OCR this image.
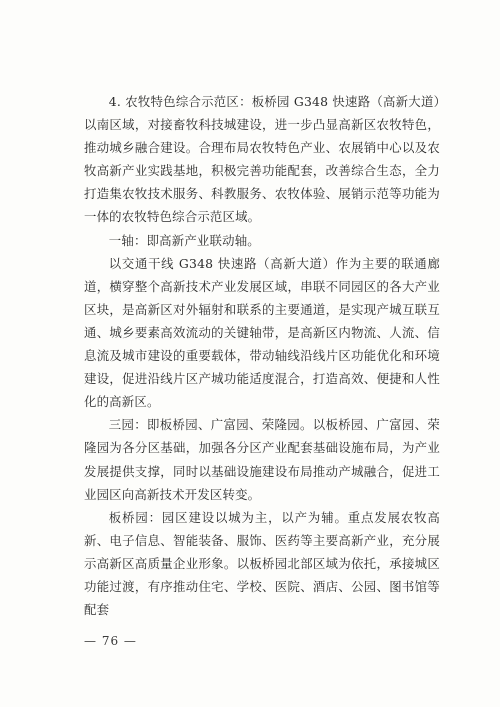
4. 农牧特色综合示范区：板桥园 G348 快速路（高新大道）以南区域，对接畜牧科技城建设，进一步凸显高新区农牧特色，推动城乡融合建设。合理布局农牧特色产业、农展销中心以及农牧高新产业实践基地，积极完善功能配套，改善综合生态，全力打造集农牧技术服务、科教服务、农牧体验、展销示范等功能为一体的农牧特色综合示范区域。

一轴：即高新产业联动轴。

以交通干线 G348 快速路（高新大道）作为主要的联通廊道，横穿整个高新技术产业发展区域，串联不同园区的各大产业区块，是高新区对外辐射和联系的主要通道，是实现产城互联互通、城乡要素高效流动的关键轴带，是高新区内物流、人流、信息流及城市建设的重要载体，带动轴线沿线片区功能优化和环境建设，促进沿线片区产城功能适度混合，打造高效、便捷和人性化的高新区。

三园：即板桥园、广富园、荣隆园。以板桥园、广富园、荣隆园为各分区基础，加强各分区产业配套基础设施布局，为产业发展提供支撑，同时以基础设施建设布局推动产城融合，促进工业园区向高新技术开发区转变。

板桥园：园区建设以城为主，以产为辅。重点发展农牧高新、电子信息、智能装备、服饰、医药等主要高新产业，充分展示高新区高质量企业形象。以板桥园北部区域为依托，承接城区功能过渡，有序推动住宅、学校、医院、酒店、公园、图书馆等配套

— 76 —
